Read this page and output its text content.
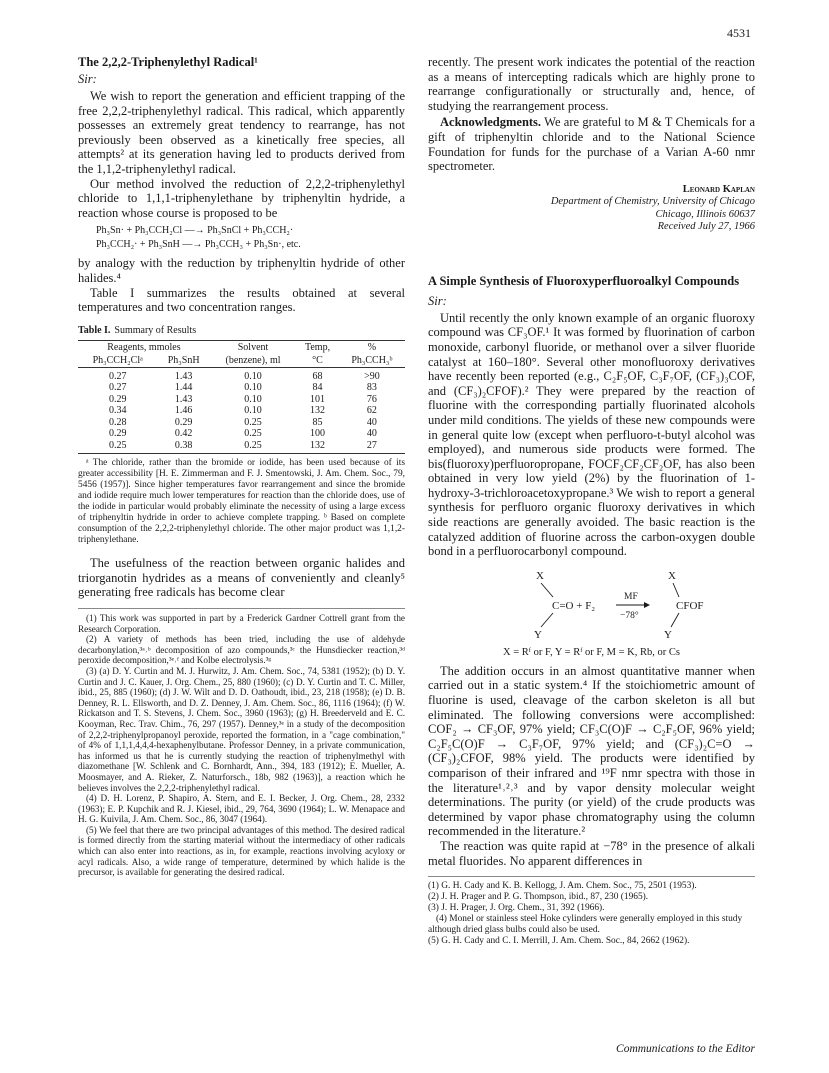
4531

The 2,2,2-Triphenylethyl Radical¹

Sir:

We wish to report the generation and efficient trapping of the free 2,2,2-triphenylethyl radical. This radical, which apparently possesses an extremely great tendency to rearrange, has not previously been observed as a kinetically free species, all attempts² at its generation having led to products derived from the 1,1,2-triphenylethyl radical.

Our method involved the reduction of 2,2,2-triphenylethyl chloride to 1,1,1-triphenylethane by triphenyltin hydride, a reaction whose course is proposed to be

Ph₃Sn· + Ph₃CCH₂Cl —→ Ph₃SnCl + Ph₃CCH₂·
Ph₃CCH₂· + Ph₃SnH —→ Ph₃CCH₃ + Ph₃Sn·, etc.

by analogy with the reduction by triphenyltin hydride of other halides.⁴

Table I summarizes the results obtained at several temperatures and two concentration ranges.

Table I. Summary of Results
Reagents, mmoles		Solvent	Temp,	%
Ph₃CCH₂Clᵃ	Ph₃SnH	(benzene), ml	°C	Ph₃CCH₃ᵇ
0.27	1.43	0.10	68	>90
0.27	1.44	0.10	84	83
0.29	1.43	0.10	101	76
0.34	1.46	0.10	132	62
0.28	0.29	0.25	85	40
0.29	0.42	0.25	100	40
0.25	0.38	0.25	132	27

ᵃ The chloride, rather than the bromide or iodide, has been used because of its greater accessibility [H. E. Zimmerman and F. J. Smentowski, J. Am. Chem. Soc., 79, 5456 (1957)]. Since higher temperatures favor rearrangement and since the bromide and iodide require much lower temperatures for reaction than the chloride does, use of the iodide in particular would probably eliminate the necessity of using a large excess of triphenyltin hydride in order to achieve complete trapping. ᵇ Based on complete consumption of the 2,2,2-triphenylethyl chloride. The other major product was 1,1,2-triphenylethane.

The usefulness of the reaction between organic halides and triorganotin hydrides as a means of conveniently and cleanly⁵ generating free radicals has become clear

(1) This work was supported in part by a Frederick Gardner Cottrell grant from the Research Corporation.

(2) A variety of methods has been tried, including the use of aldehyde decarbonylation,³ᵃ˒ᵇ decomposition of azo compounds,³ᶜ the Hunsdiecker reaction,³ᵈ peroxide decomposition,³ᵉ˒ᶠ and Kolbe electrolysis.³ᵍ

(3) (a) D. Y. Curtin and M. J. Hurwitz, J. Am. Chem. Soc., 74, 5381 (1952); (b) D. Y. Curtin and J. C. Kauer, J. Org. Chem., 25, 880 (1960); (c) D. Y. Curtin and T. C. Miller, ibid., 25, 885 (1960); (d) J. W. Wilt and D. D. Oathoudt, ibid., 23, 218 (1958); (e) D. B. Denney, R. L. Ellsworth, and D. Z. Denney, J. Am. Chem. Soc., 86, 1116 (1964); (f) W. Rickatson and T. S. Stevens, J. Chem. Soc., 3960 (1963); (g) H. Breederveld and E. C. Kooyman, Rec. Trav. Chim., 76, 297 (1957). Denney,³ᵉ in a study of the decomposition of 2,2,2-triphenylpropanoyl peroxide, reported the formation, in a "cage combination," of 4% of 1,1,1,4,4,4-hexaphenylbutane. Professor Denney, in a private communication, has informed us that he is currently studying the reaction of triphenylmethyl with diazomethane [W. Schlenk and C. Bornhardt, Ann., 394, 183 (1912); E. Mueller, A. Moosmayer, and A. Rieker, Z. Naturforsch., 18b, 982 (1963)], a reaction which he believes involves the 2,2,2-triphenylethyl radical.

(4) D. H. Lorenz, P. Shapiro, A. Stern, and E. I. Becker, J. Org. Chem., 28, 2332 (1963); E. P. Kupchik and R. J. Kiesel, ibid., 29, 764, 3690 (1964); L. W. Menapace and H. G. Kuivila, J. Am. Chem. Soc., 86, 3047 (1964).

(5) We feel that there are two principal advantages of this method. The desired radical is formed directly from the starting material without the intermediacy of other radicals which can also enter into reactions, as in, for example, reactions involving acyloxy or acyl radicals. Also, a wide range of temperature, determined by which halide is the precursor, is available for generating the desired radical.

recently. The present work indicates the potential of the reaction as a means of intercepting radicals which are highly prone to rearrange configurationally or structurally and, hence, of studying the rearrangement process.

Acknowledgments. We are grateful to M & T Chemicals for a gift of triphenyltin chloride and to the National Science Foundation for funds for the purchase of a Varian A-60 nmr spectrometer.

Leonard Kaplan
Department of Chemistry, University of Chicago
Chicago, Illinois 60637
Received July 27, 1966

A Simple Synthesis of Fluoroxyperfluoroalkyl Compounds

Sir:

Until recently the only known example of an organic fluoroxy compound was CF₃OF.¹ It was formed by fluorination of carbon monoxide, carbonyl fluoride, or methanol over a silver fluoride catalyst at 160–180°. Several other monofluoroxy derivatives have recently been reported (e.g., C₂F₅OF, C₃F₇OF, (CF₃)₃COF, and (CF₃)₂CFOF).² They were prepared by the reaction of fluorine with the corresponding partially fluorinated alcohols under mild conditions. The yields of these new compounds were in general quite low (except when perfluoro-t-butyl alcohol was employed), and numerous side products were formed. The bis(fluoroxy)perfluoropropane, FOCF₂CF₂CF₂OF, has also been obtained in very low yield (2%) by the fluorination of 1-hydroxy-3-trichloroacetoxypropane.³ We wish to report a general synthesis for perfluoro organic fluoroxy derivatives in which side reactions are generally avoided. The basic reaction is the catalyzed addition of fluorine across the carbon-oxygen double bond in a perfluorocarbonyl compound.

X
C=O + F₂
Y
MF
−78°
X
CFOF
Y
X = Rᶠ or F, Y = Rᶠ or F, M = K, Rb, or Cs

The addition occurs in an almost quantitative manner when carried out in a static system.⁴ If the stoichiometric amount of fluorine is used, cleavage of the carbon skeleton is all but eliminated. The following conversions were accomplished: COF₂ → CF₃OF, 97% yield; CF₃C(O)F → C₂F₅OF, 96% yield; C₂F₅C(O)F → C₃F₇OF, 97% yield; and (CF₃)₂C=O → (CF₃)₂CFOF, 98% yield. The products were identified by comparison of their infrared and ¹⁹F nmr spectra with those in the literature¹˒²˒³ and by vapor density molecular weight determinations. The purity (or yield) of the crude products was determined by vapor phase chromatography using the column recommended in the literature.²

The reaction was quite rapid at −78° in the presence of alkali metal fluorides. No apparent differences in

(1) G. H. Cady and K. B. Kellogg, J. Am. Chem. Soc., 75, 2501 (1953).

(2) J. H. Prager and P. G. Thompson, ibid., 87, 230 (1965).

(3) J. H. Prager, J. Org. Chem., 31, 392 (1966).

(4) Monel or stainless steel Hoke cylinders were generally employed in this study although dried glass bulbs could also be used.

(5) G. H. Cady and C. I. Merrill, J. Am. Chem. Soc., 84, 2662 (1962).

Communications to the Editor
